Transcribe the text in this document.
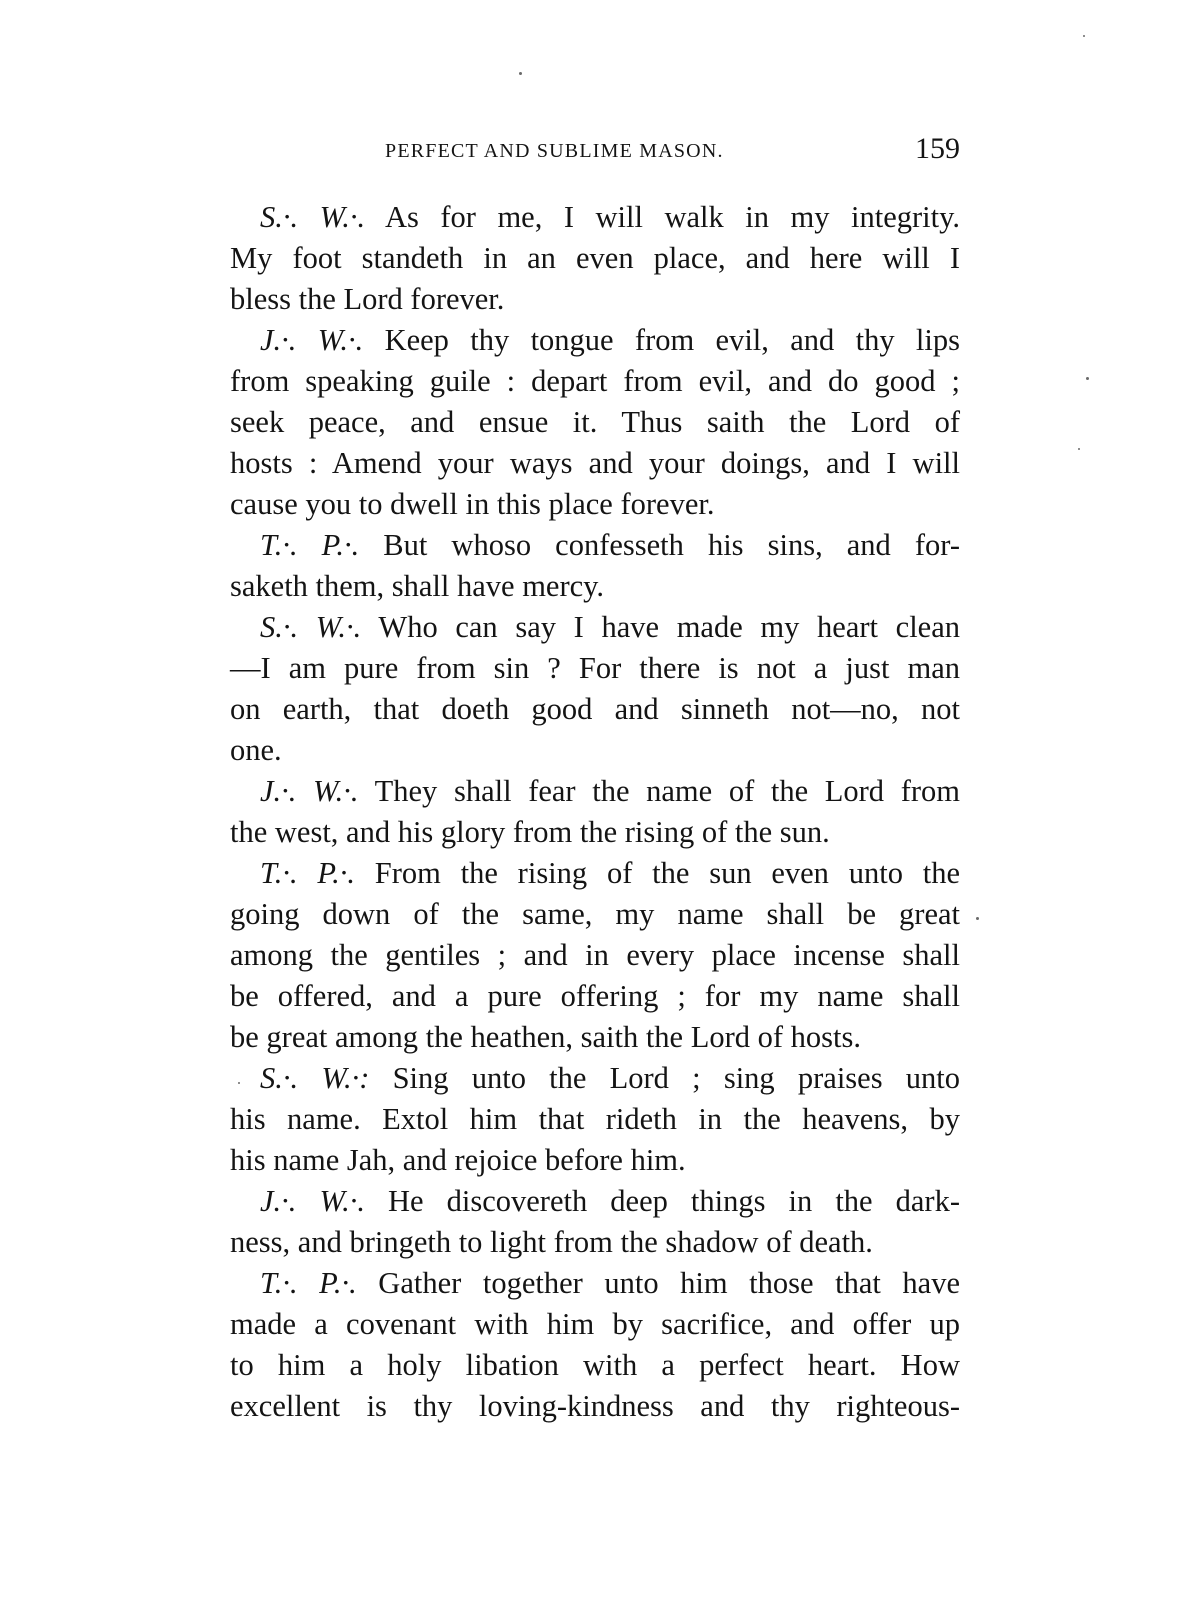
PERFECT AND SUBLIME MASON.	159
S.·. W.·. As for me, I will walk in my integrity.
My foot standeth in an even place, and here will I
bless the Lord forever.
J.·. W.·. Keep thy tongue from evil, and thy lips
from speaking guile : depart from evil, and do good ;
seek peace, and ensue it. Thus saith the Lord of
hosts : Amend your ways and your doings, and I will
cause you to dwell in this place forever.
T.·. P.·. But whoso confesseth his sins, and for-
saketh them, shall have mercy.
S.·. W.·. Who can say I have made my heart clean
—I am pure from sin ? For there is not a just man
on earth, that doeth good and sinneth not—no, not
one.
J.·. W.·. They shall fear the name of the Lord from
the west, and his glory from the rising of the sun.
T.·. P.·. From the rising of the sun even unto the
going down of the same, my name shall be great
among the gentiles ; and in every place incense shall
be offered, and a pure offering ; for my name shall
be great among the heathen, saith the Lord of hosts.
S.·. W.·: Sing unto the Lord ; sing praises unto
his name. Extol him that rideth in the heavens, by
his name Jah, and rejoice before him.
J.·. W.·. He discovereth deep things in the dark-
ness, and bringeth to light from the shadow of death.
T.·. P.·. Gather together unto him those that have
made a covenant with him by sacrifice, and offer up
to him a holy libation with a perfect heart. How
excellent is thy loving-kindness and thy righteous-
